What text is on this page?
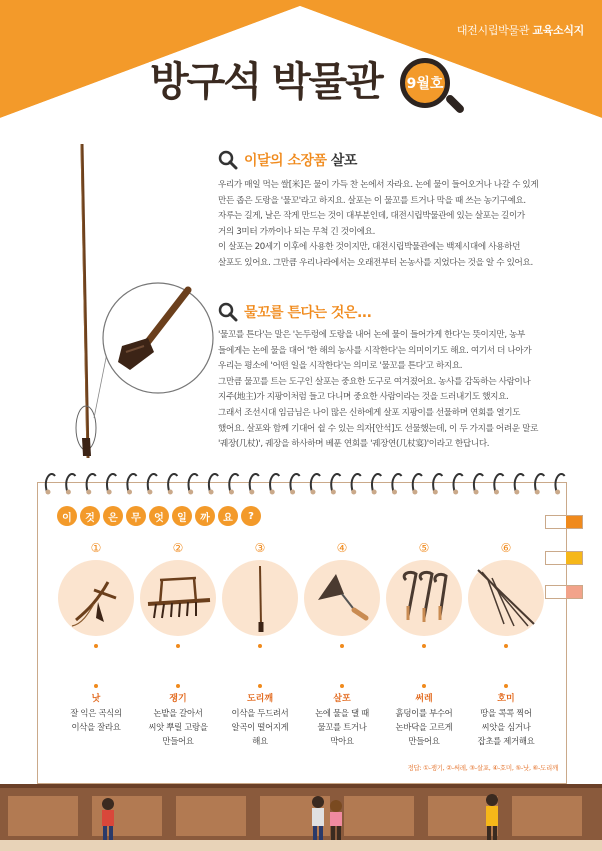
대전시립박물관 교육소식지
방구석 박물관 9월호
이달의 소장품 살포

우리가 매일 먹는 쌀[米]은 물이 가득 찬 논에서 자라요. 논에 물이 들어오거나 나갈 수 있게

만든 좁은 도랑을 '물꼬'라고 하지요. 살포는 이 물꼬를 트거나 막을 때 쓰는 농기구예요.

자루는 길게, 날은 작게 만드는 것이 대부분인데, 대전시립박물관에 있는 살포는 길이가

거의 3미터 가까이나 되는 무척 긴 것이에요.

이 살포는 20세기 이후에 사용한 것이지만, 대전시립박물관에는 백제시대에 사용하던

살포도 있어요. 그만큼 우리나라에서는 오래전부터 논농사를 지었다는 것을 알 수 있어요.

물꼬를 튼다는 것은...

'물꼬를 튼다'는 말은 '논두렁에 도랑을 내어 논에 물이 들어가게 한다'는 뜻이지만, 농부

들에게는 논에 물을 대어 '한 해의 농사를 시작한다'는 의미이기도 해요. 여기서 더 나아가

우리는 평소에 '어떤 일을 시작한다'는 의미로 '물꼬를 튼다'고 하지요.

그만큼 물꼬를 트는 도구인 살포는 중요한 도구로 여겨졌어요. 농사를 감독하는 사람이나

지주(地主)가 지팡이처럼 들고 다니며 중요한 사람이라는 것을 드러내기도 했지요.

그래서 조선시대 임금님은 나이 많은 신하에게 살포 지팡이를 선물하며 연회를 열기도

했어요. 살포와 함께 기대어 쉴 수 있는 의자[안석]도 선물했는데, 이 두 가지를 어려운 말로

'궤장(几杖)', 궤장을 하사하며 베푼 연회를 '궤장연(几杖宴)'이라고 한답니다.

이	것	은	무	엇	일	까	요	?
①
낫
잘 익은 곡식의
이삭을 잘라요
②
쟁기
논밭을 갈아서
씨앗 뿌릴 고랑을
만들어요
③
도리깨
이삭을 두드려서
알곡이 떨어지게
해요
④
살포
논에 물을 댈 때
물꼬를 트거나
막아요
⑤
써레
흙덩이를 부수어
논바닥을 고르게
만들어요
⑥
호미
땅을 콕콕 찍어
씨앗을 심거나
잡초를 제거해요
정답: ①-쟁기, ②-써레, ③-살포, ④-호미, ⑤-낫, ⑥-도리깨
